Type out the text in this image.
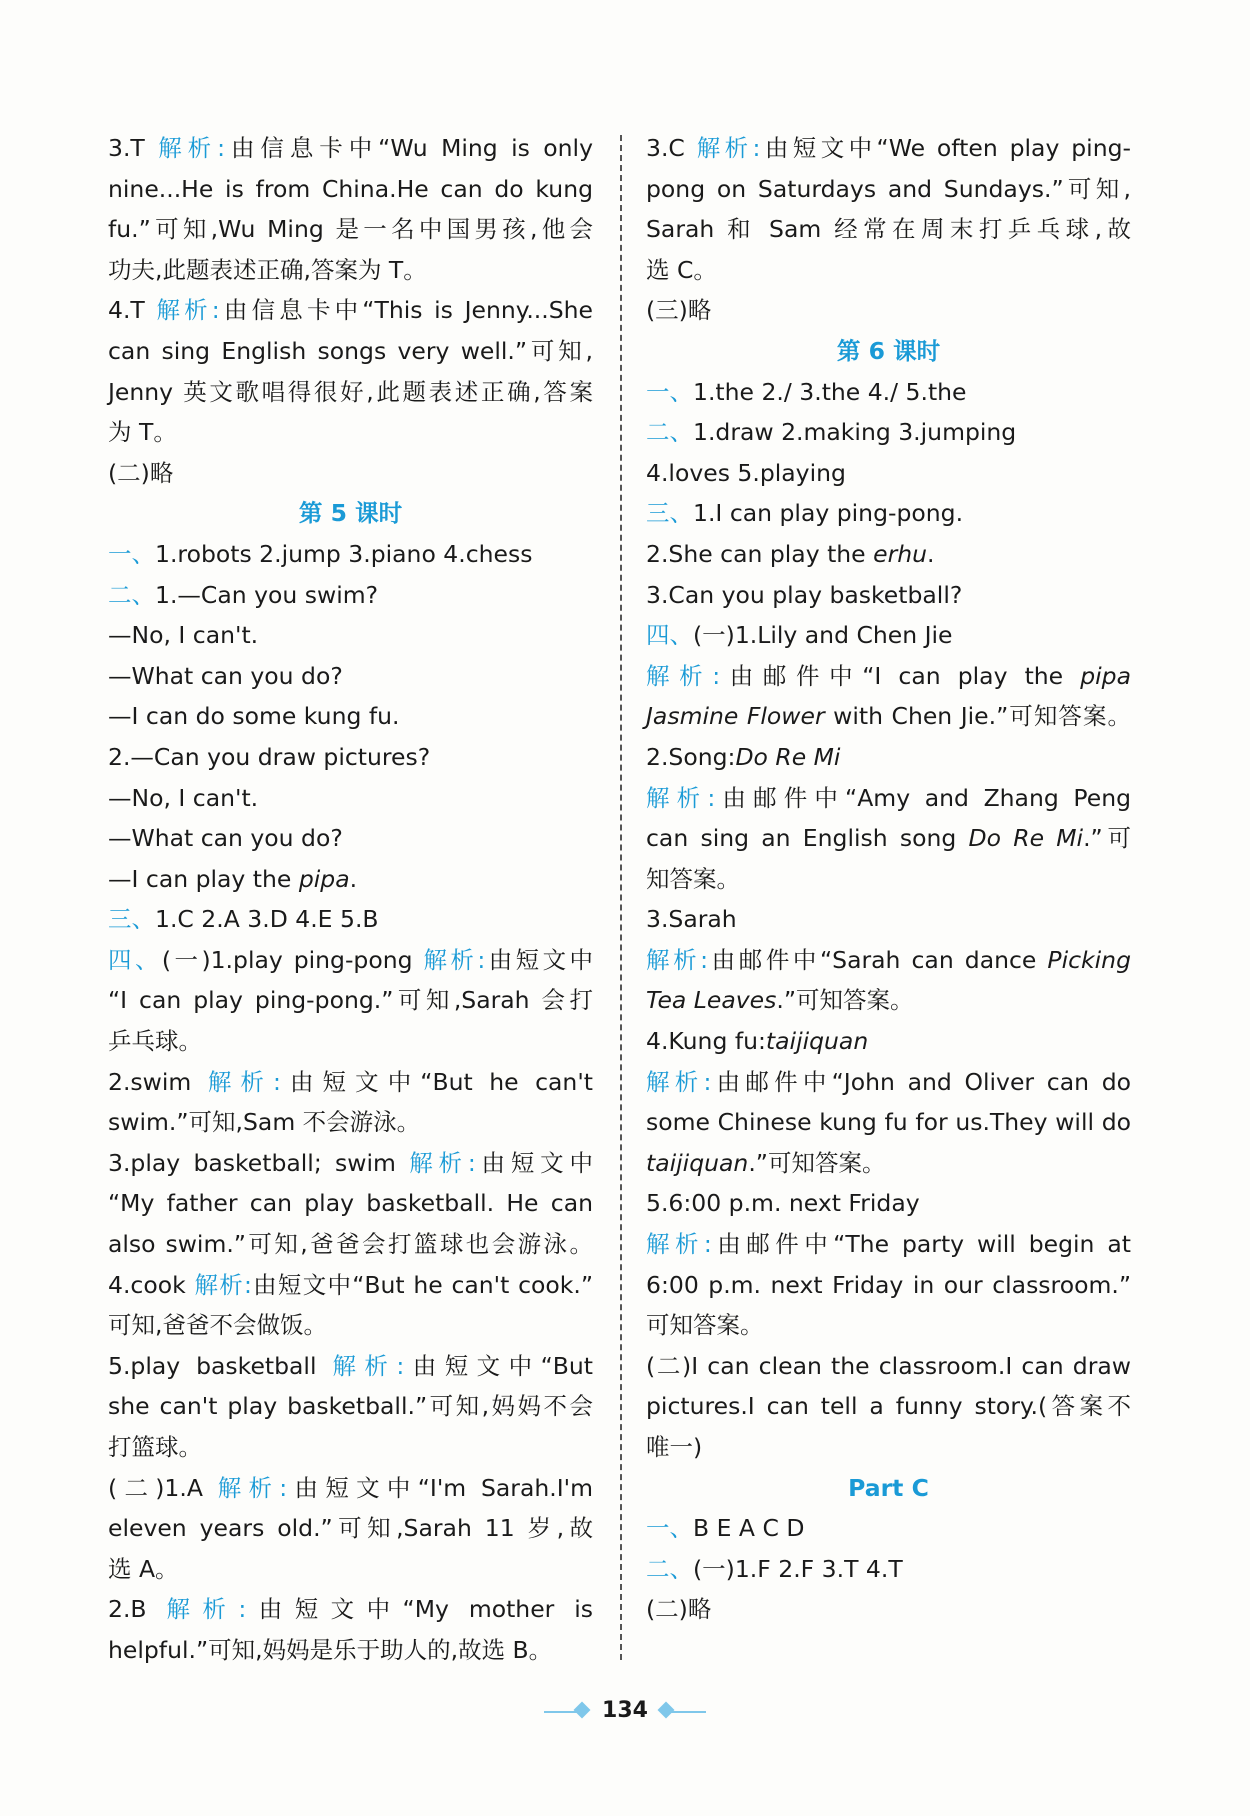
3.T 解析:由信息卡中“Wu Ming is only
nine...He is from China.He can do kung
fu.”可知,Wu Ming 是一名中国男孩,他会
功夫,此题表述正确,答案为 T。
4.T 解析:由信息卡中“This is Jenny...She
can sing English songs very well.”可知,
Jenny 英文歌唱得很好,此题表述正确,答案
为 T。
(二)略
第 5 课时
一、1.robots 2.jump 3.piano 4.chess
二、1.—Can you swim?
—No, I can't.
—What can you do?
—I can do some kung fu.
2.—Can you draw pictures?
—No, I can't.
—What can you do?
—I can play the pipa.
三、1.C 2.A 3.D 4.E 5.B
四、(一)1.play ping-pong 解析:由短文中
“I can play ping-pong.”可知,Sarah 会打
乒乓球。
2.swim 解析:由短文中“But he can't
swim.”可知,Sam 不会游泳。
3.play basketball; swim 解析:由短文中
“My father can play basketball. He can
also swim.”可知,爸爸会打篮球也会游泳。
4.cook 解析:由短文中“But he can't cook.”
可知,爸爸不会做饭。
5.play basketball 解析:由短文中“But
she can't play basketball.”可知,妈妈不会
打篮球。
(二)1.A 解析:由短文中“I'm Sarah.I'm
eleven years old.”可知,Sarah 11 岁,故
选 A。
2.B 解析:由短文中“My mother is
helpful.”可知,妈妈是乐于助人的,故选 B。
3.C 解析:由短文中“We often play ping-
pong on Saturdays and Sundays.”可知,
Sarah 和 Sam 经常在周末打乒乓球,故
选 C。
(三)略
第 6 课时
一、1.the 2./ 3.the 4./ 5.the
二、1.draw 2.making 3.jumping
4.loves 5.playing
三、1.I can play ping-pong.
2.She can play the erhu.
3.Can you play basketball?
四、(一)1.Lily and Chen Jie
解析:由邮件中“I can play the pipa
Jasmine Flower with Chen Jie.”可知答案。
2.Song:Do Re Mi
解析:由邮件中“Amy and Zhang Peng
can sing an English song Do Re Mi.”可
知答案。
3.Sarah
解析:由邮件中“Sarah can dance Picking
Tea Leaves.”可知答案。
4.Kung fu:taijiquan
解析:由邮件中“John and Oliver can do
some Chinese kung fu for us.They will do
taijiquan.”可知答案。
5.6:00 p.m. next Friday
解析:由邮件中“The party will begin at
6:00 p.m. next Friday in our classroom.”
可知答案。
(二)I can clean the classroom.I can draw
pictures.I can tell a funny story.(答案不
唯一)
Part C
一、B E A C D
二、(一)1.F 2.F 3.T 4.T
(二)略
134
